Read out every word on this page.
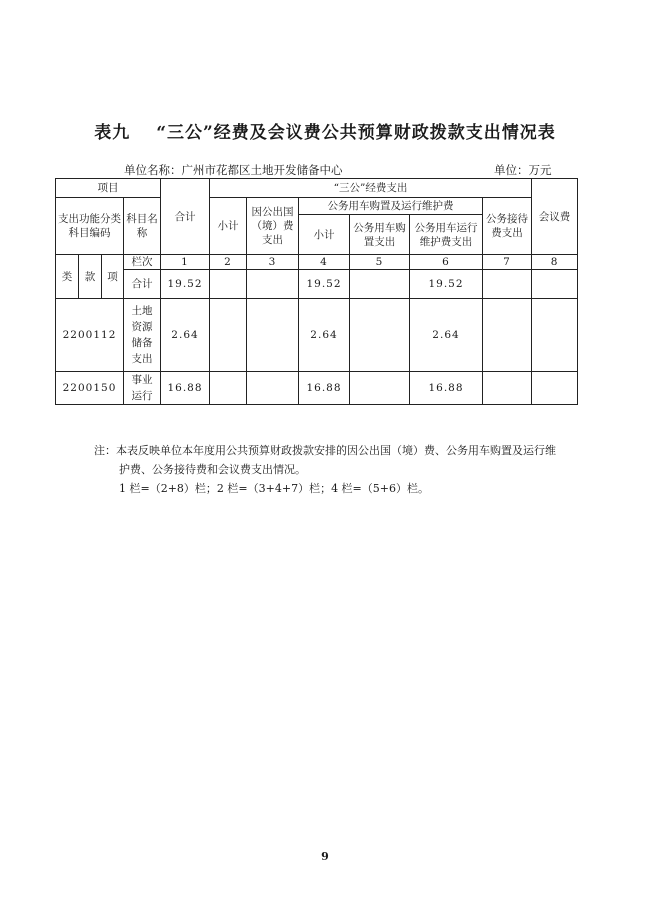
表九 “三公”经费及会议费公共预算财政拨款支出情况表
单位名称：广州市花都区土地开发储备中心	单位：万元
项目				合计	“三公”经费支出						会议费
支出功能分类科目编码			科目名称		小计	因公出国（境）费支出	公务用车购置及运行维护费			公务接待费支出	
							小计	公务用车购置支出	公务用车运行维护费支出		
类	款	项	栏次	1	2	3	4	5	6	7	8
			合计	19.52			19.52		19.52		
2200112			土地资源储备支出	2.64			2.64		2.64		
2200150			事业运行	16.88			16.88		16.88		
注：本表反映单位本年度用公共预算财政拨款安排的因公出国（境）费、公务用车购置及运行维
护费、公务接待费和会议费支出情况。
1 栏=（2+8）栏；2 栏=（3+4+7）栏；4 栏=（5+6）栏。
9
